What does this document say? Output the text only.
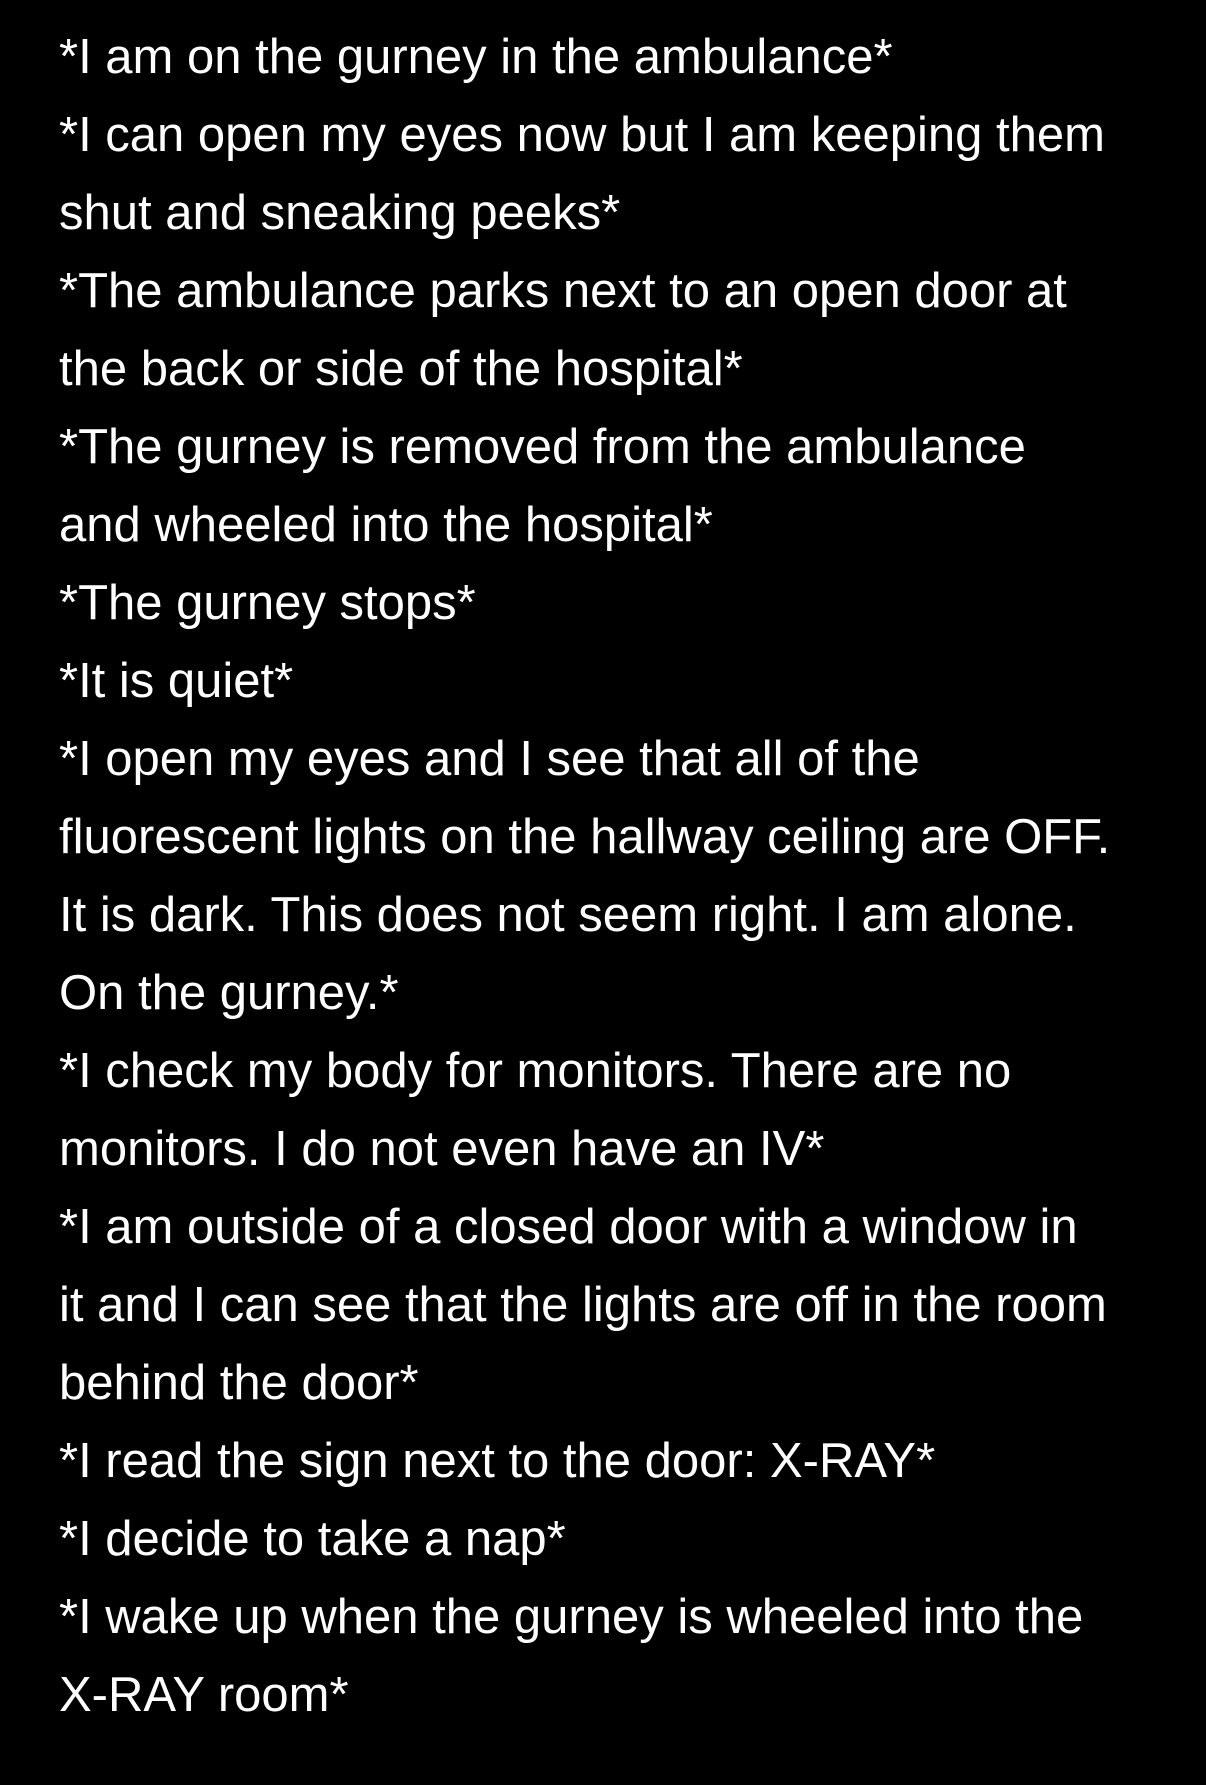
*I am on the gurney in the ambulance*
*I can open my eyes now but I am keeping them
shut and sneaking peeks*
*The ambulance parks next to an open door at
the back or side of the hospital*
*The gurney is removed from the ambulance
and wheeled into the hospital*
*The gurney stops*
*It is quiet*
*I open my eyes and I see that all of the
fluorescent lights on the hallway ceiling are OFF.
It is dark. This does not seem right. I am alone.
On the gurney.*
*I check my body for monitors. There are no
monitors. I do not even have an IV*
*I am outside of a closed door with a window in
it and I can see that the lights are off in the room
behind the door*
*I read the sign next to the door: X-RAY*
*I decide to take a nap*
*I wake up when the gurney is wheeled into the
X-RAY room*
